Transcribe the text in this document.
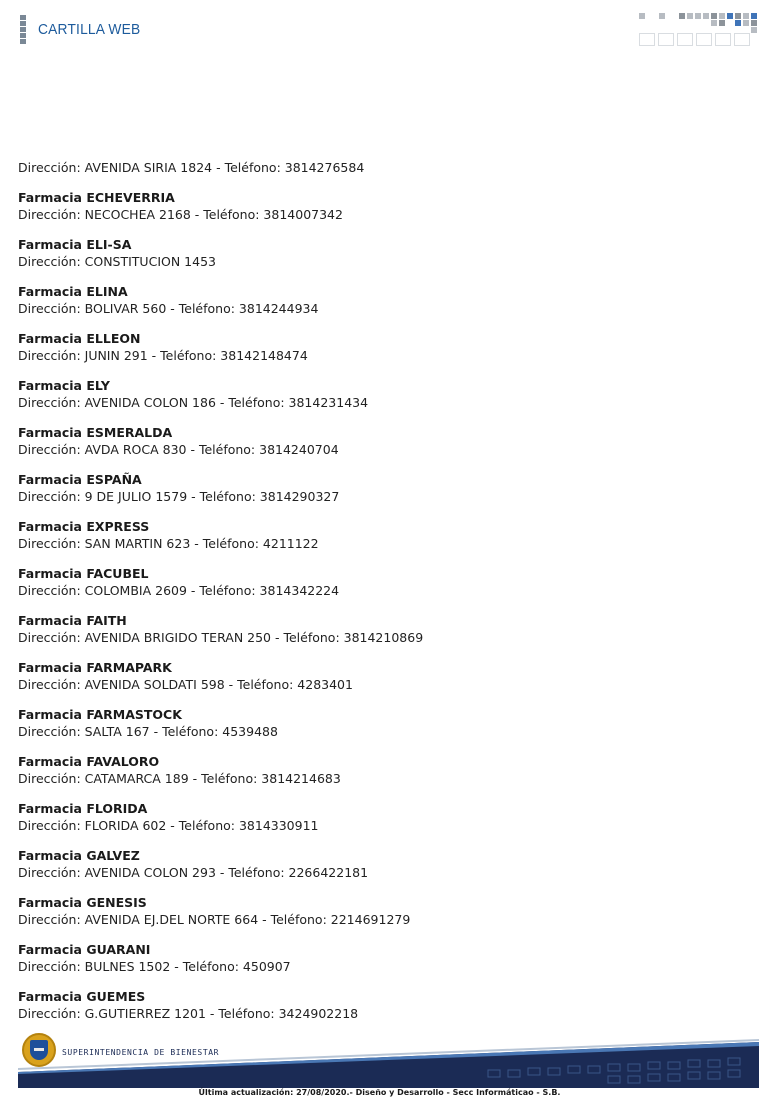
CARTILLA WEB
Dirección: AVENIDA SIRIA 1824 - Teléfono: 3814276584
Farmacia ECHEVERRIA
Dirección: NECOCHEA 2168 - Teléfono: 3814007342
Farmacia ELI-SA
Dirección: CONSTITUCION 1453
Farmacia ELINA
Dirección: BOLIVAR 560 - Teléfono: 3814244934
Farmacia ELLEON
Dirección: JUNIN 291 - Teléfono: 38142148474
Farmacia ELY
Dirección: AVENIDA COLON 186 - Teléfono: 3814231434
Farmacia ESMERALDA
Dirección: AVDA ROCA 830 - Teléfono: 3814240704
Farmacia ESPAÑA
Dirección: 9 DE JULIO 1579 - Teléfono: 3814290327
Farmacia EXPRESS
Dirección: SAN MARTIN 623 - Teléfono: 4211122
Farmacia FACUBEL
Dirección: COLOMBIA 2609 - Teléfono: 3814342224
Farmacia FAITH
Dirección: AVENIDA BRIGIDO TERAN 250 - Teléfono: 3814210869
Farmacia FARMAPARK
Dirección: AVENIDA SOLDATI 598 - Teléfono: 4283401
Farmacia FARMASTOCK
Dirección: SALTA 167 - Teléfono: 4539488
Farmacia FAVALORO
Dirección: CATAMARCA 189 - Teléfono: 3814214683
Farmacia FLORIDA
Dirección: FLORIDA 602 - Teléfono: 3814330911
Farmacia GALVEZ
Dirección: AVENIDA COLON 293 - Teléfono: 2266422181
Farmacia GENESIS
Dirección: AVENIDA EJ.DEL NORTE 664 - Teléfono: 2214691279
Farmacia GUARANI
Dirección: BULNES 1502 - Teléfono: 450907
Farmacia GUEMES
Dirección: G.GUTIERREZ 1201 - Teléfono: 3424902218
SUPERINTENDENCIA DE BIENESTAR
Última actualización: 27/08/2020.- Diseño y Desarrollo - Secc Informáticao - S.B.
